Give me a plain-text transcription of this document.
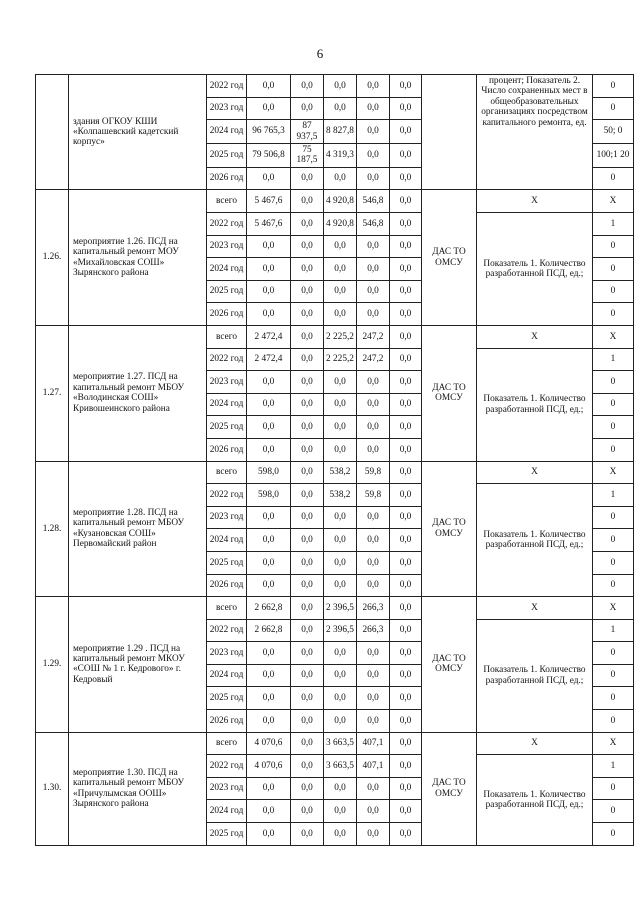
6
	здания ОГКОУ КШИ «Колпашевский кадетский корпус»	2022 год	0,0	0,0	0,0	0,0	0,0		процент; Показатель 2. Число сохраненных мест в общеобразовательных организациях посредством капитального ремонта, ед.	0
		2023 год	0,0	0,0	0,0	0,0	0,0			0
		2024 год	96 765,3	87 937,5	8 827,8	0,0	0,0			50; 0
		2025 год	79 506,8	75 187,5	4 319,3	0,0	0,0			100;1 20
		2026 год	0,0	0,0	0,0	0,0	0,0			0
1.26.	мероприятие 1.26. ПСД на капитальный ремонт МОУ «Михайловская СОШ» Зырянского района	всего	5 467,6	0,0	4 920,8	546,8	0,0	ДАС ТО ОМСУ	X	X
		2022 год	5 467,6	0,0	4 920,8	546,8	0,0		Показатель 1. Количество разработанной ПСД, ед.;	1
		2023 год	0,0	0,0	0,0	0,0	0,0			0
		2024 год	0,0	0,0	0,0	0,0	0,0			0
		2025 год	0,0	0,0	0,0	0,0	0,0			0
		2026 год	0,0	0,0	0,0	0,0	0,0			0
1.27.	мероприятие 1.27. ПСД на капитальный ремонт МБОУ «Володинская СОШ» Кривошеинского района	всего	2 472,4	0,0	2 225,2	247,2	0,0	ДАС ТО ОМСУ	X	X
		2022 год	2 472,4	0,0	2 225,2	247,2	0,0		Показатель 1. Количество разработанной ПСД, ед.;	1
		2023 год	0,0	0,0	0,0	0,0	0,0			0
		2024 год	0,0	0,0	0,0	0,0	0,0			0
		2025 год	0,0	0,0	0,0	0,0	0,0			0
		2026 год	0,0	0,0	0,0	0,0	0,0			0
1.28.	мероприятие 1.28. ПСД на капитальный ремонт МБОУ «Кузановская СОШ» Первомайский район	всего	598,0	0,0	538,2	59,8	0,0	ДАС ТО ОМСУ	X	X
		2022 год	598,0	0,0	538,2	59,8	0,0		Показатель 1. Количество разработанной ПСД, ед.;	1
		2023 год	0,0	0,0	0,0	0,0	0,0			0
		2024 год	0,0	0,0	0,0	0,0	0,0			0
		2025 год	0,0	0,0	0,0	0,0	0,0			0
		2026 год	0,0	0,0	0,0	0,0	0,0			0
1.29.	мероприятие 1.29 . ПСД на капитальный ремонт МКОУ «СОШ № 1 г. Кедрового» г. Кедровый	всего	2 662,8	0,0	2 396,5	266,3	0,0	ДАС ТО ОМСУ	X	X
		2022 год	2 662,8	0,0	2 396,5	266,3	0,0		Показатель 1. Количество разработанной ПСД, ед.;	1
		2023 год	0,0	0,0	0,0	0,0	0,0			0
		2024 год	0,0	0,0	0,0	0,0	0,0			0
		2025 год	0,0	0,0	0,0	0,0	0,0			0
		2026 год	0,0	0,0	0,0	0,0	0,0			0
1.30.	мероприятие 1.30. ПСД на капитальный ремонт МБОУ «Причулымская ООШ» Зырянского района	всего	4 070,6	0,0	3 663,5	407,1	0,0	ДАС ТО ОМСУ	X	X
		2022 год	4 070,6	0,0	3 663,5	407,1	0,0		Показатель 1. Количество разработанной ПСД, ед.;	1
		2023 год	0,0	0,0	0,0	0,0	0,0			0
		2024 год	0,0	0,0	0,0	0,0	0,0			0
		2025 год	0,0	0,0	0,0	0,0	0,0			0
